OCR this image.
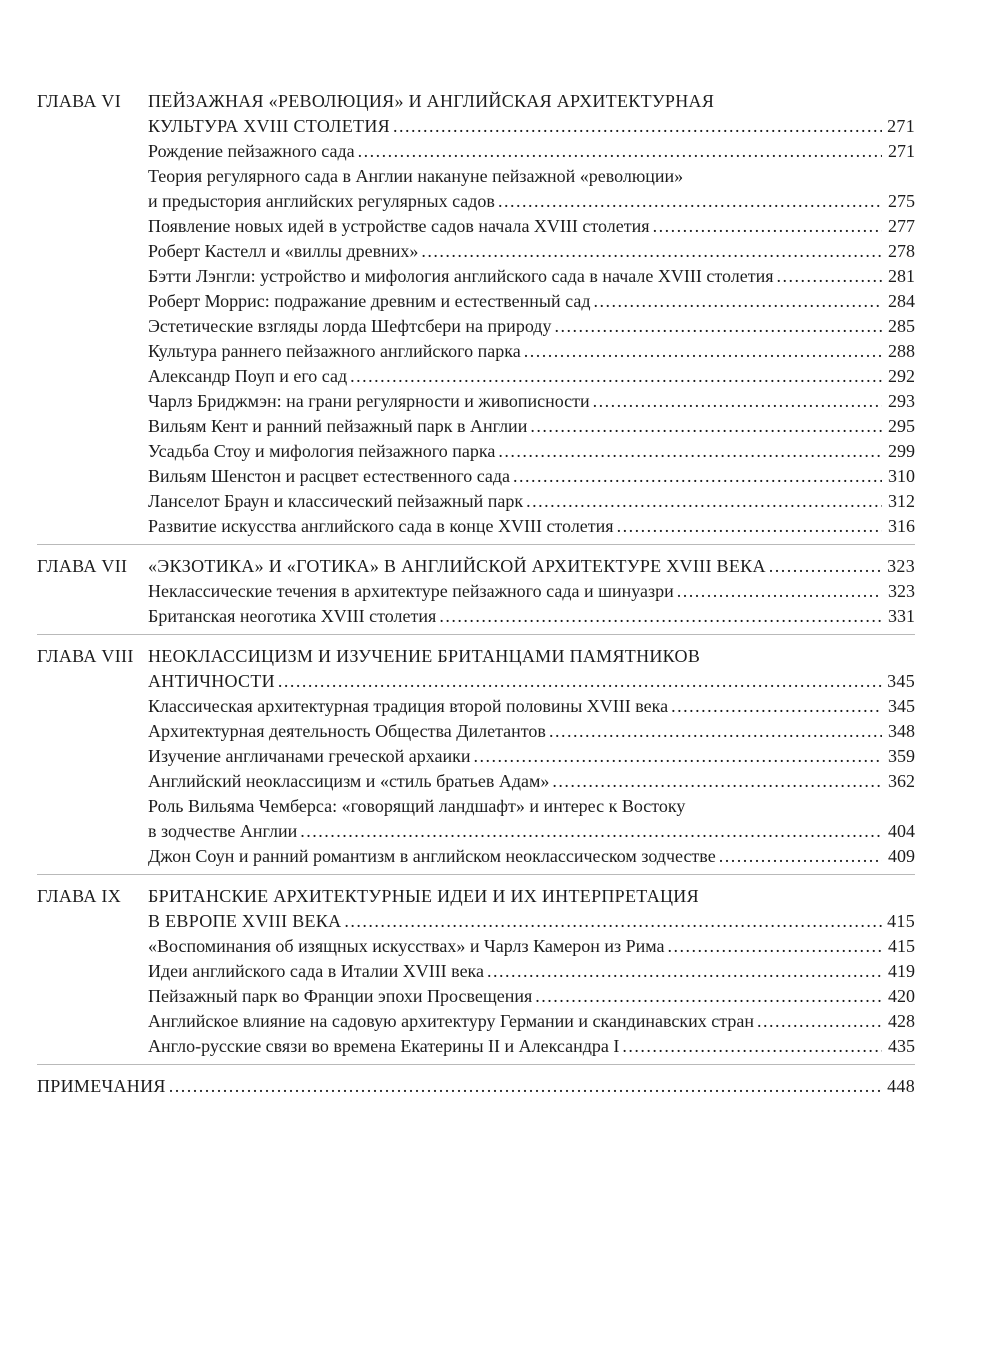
ГЛАВА VI ПЕЙЗАЖНАЯ «РЕВОЛЮЦИЯ» И АНГЛИЙСКАЯ АРХИТЕКТУРНАЯ
КУЛЬТУРА XVIII СТОЛЕТИЯ . . .	271
Рождение пейзажного сада . . .	271
Теория регулярного сада в Англии накануне пейзажной «революции»
и предыстория английских регулярных садов . . .	275
Появление новых идей в устройстве садов начала XVIII столетия . . .	277
Роберт Кастелл и «виллы древних» . . .	278
Бэтти Лэнгли: устройство и мифология английского сада в начале XVIII столетия . . .	281
Роберт Моррис: подражание древним и естественный сад . . .	284
Эстетические взгляды лорда Шефтсбери на природу . . .	285
Культура раннего пейзажного английского парка . . .	288
Александр Поуп и его сад . . .	292
Чарлз Бриджмэн: на грани регулярности и живописности . . .	293
Вильям Кент и ранний пейзажный парк в Англии . . .	295
Усадьба Стоу и мифология пейзажного парка . . .	299
Вильям Шенстон и расцвет естественного сада . . .	310
Ланселот Браун и классический пейзажный парк . . .	312
Развитие искусства английского сада в конце XVIII столетия . . .	316
ГЛАВА VII «ЭКЗОТИКА» И «ГОТИКА» В АНГЛИЙСКОЙ АРХИТЕКТУРЕ XVIII ВЕКА . . .	323
Неклассические течения в архитектуре пейзажного сада и шинуазри . . .	323
Британская неоготика XVIII столетия . . .	331
ГЛАВА VIII НЕОКЛАССИЦИЗМ И ИЗУЧЕНИЕ БРИТАНЦАМИ ПАМЯТНИКОВ
АНТИЧНОСТИ . . .	345
Классическая архитектурная традиция второй половины XVIII века . . .	345
Архитектурная деятельность Общества Дилетантов . . .	348
Изучение англичанами греческой архаики . . .	359
Английский неоклассицизм и «стиль братьев Адам» . . .	362
Роль Вильяма Чемберса: «говорящий ландшафт» и интерес к Востоку
в зодчестве Англии . . .	404
Джон Соун и ранний романтизм в английском неоклассическом зодчестве . . .	409
ГЛАВА IX БРИТАНСКИЕ АРХИТЕКТУРНЫЕ ИДЕИ И ИХ ИНТЕРПРЕТАЦИЯ
В ЕВРОПЕ XVIII ВЕКА . . .	415
«Воспоминания об изящных искусствах» и Чарлз Камерон из Рима . . .	415
Идеи английского сада в Италии XVIII века . . .	419
Пейзажный парк во Франции эпохи Просвещения . . .	420
Английское влияние на садовую архитектуру Германии и скандинавских стран . . .	428
Англо-русские связи во времена Екатерины II и Александра I . . .	435
ПРИМЕЧАНИЯ . . .	448
